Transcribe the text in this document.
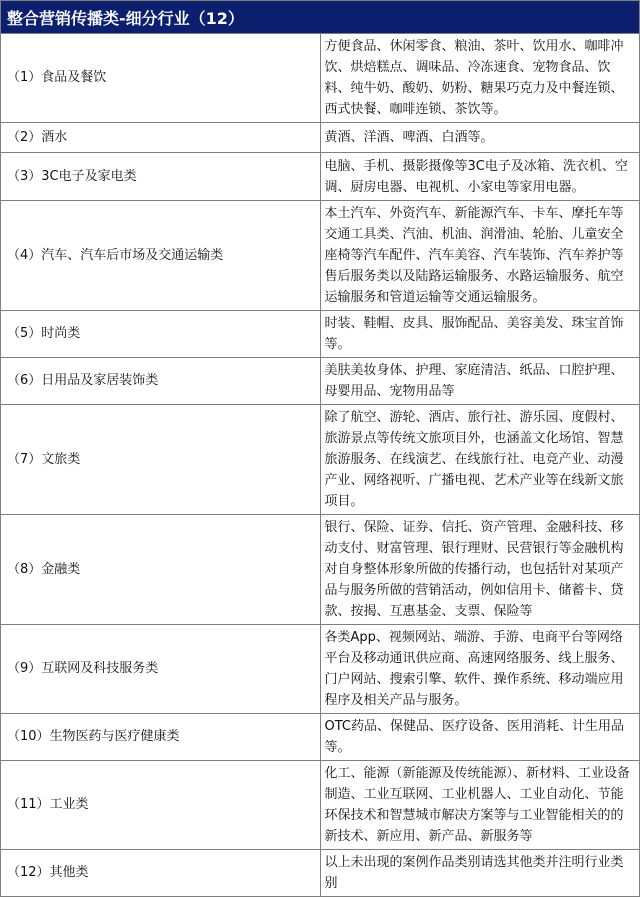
整合营销传播类-细分行业（12）	
（1）食品及餐饮	方便食品、休闲零食、粮油、茶叶、饮用水、咖啡冲饮、烘焙糕点、调味品、冷冻速食、宠物食品、饮料、纯牛奶、酸奶、奶粉、糖果巧克力及中餐连锁、西式快餐、咖啡连锁、茶饮等。
（2）酒水	黄酒、洋酒、啤酒、白酒等。
（3）3C电子及家电类	电脑、手机、摄影摄像等3C电子及冰箱、洗衣机、空调、厨房电器、电视机、小家电等家用电器。
（4）汽车、汽车后市场及交通运输类	本土汽车、外资汽车、新能源汽车、卡车、摩托车等交通工具类、汽油、机油、润滑油、轮胎、儿童安全座椅等汽车配件、汽车美容、汽车装饰、汽车养护等售后服务类以及陆路运输服务、水路运输服务、航空运输服务和管道运输等交通运输服务。
（5）时尚类	时装、鞋帽、皮具、服饰配品、美容美发、珠宝首饰等。
（6）日用品及家居装饰类	美肤美妆身体、护理、家庭清洁、纸品、口腔护理、母婴用品、宠物用品等
（7）文旅类	除了航空、游轮、酒店、旅行社、游乐园、度假村、旅游景点等传统文旅项目外，也涵盖文化场馆、智慧旅游服务、在线演艺、在线旅行社、电竞产业、动漫产业、网络视听、广播电视、艺术产业等在线新文旅项目。
（8）金融类	银行、保险、证券、信托、资产管理、金融科技、移动支付、财富管理、银行理财、民营银行等金融机构对自身整体形象所做的传播行动，也包括针对某项产品与服务所做的营销活动，例如信用卡、储蓄卡、贷款、按揭、互惠基金、支票、保险等
（9）互联网及科技服务类	各类App、视频网站、端游、手游、电商平台等网络平台及移动通讯供应商、高速网络服务、线上服务、门户网站、搜索引擎、软件、操作系统、移动端应用程序及相关产品与服务。
（10）生物医药与医疗健康类	OTC药品、保健品、医疗设备、医用消耗、计生用品等。
（11）工业类	化工、能源（新能源及传统能源）、新材料、工业设备制造、工业互联网、工业机器人、工业自动化、节能环保技术和智慧城市解决方案等与工业智能相关的的新技术、新应用、新产品、新服务等
（12）其他类	以上未出现的案例作品类别请选其他类并注明行业类别
